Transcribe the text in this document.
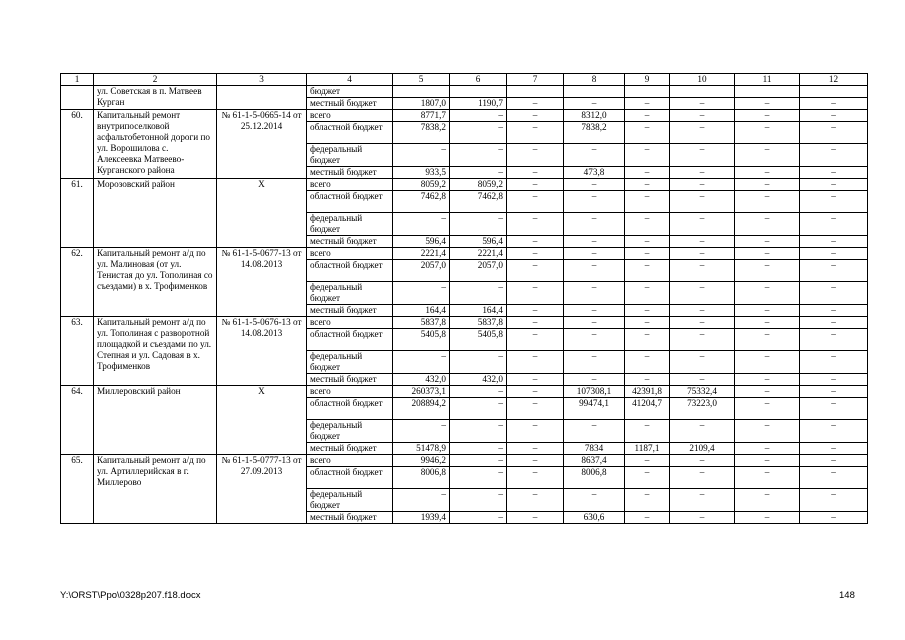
1	2	3	4	5	6	7	8	9	10	11	12
	ул. Советская в п. Матвеев Курган		бюджет								
			местный бюджет	1807,0	1190,7	–	–	–	–	–	–
60.	Капитальный ремонт внутрипоселковой асфальтобетонной дороги по ул. Ворошилова с. Алексеевка Матвеево-Курганского района	№ 61-1-5-0665-14 от 25.12.2014	всего	8771,7	–	–	8312,0	–	–	–	–
			областной бюджет	7838,2	–	–	7838,2	–	–	–	–
			федеральный бюджет	–	–	–	–	–	–	–	–
			местный бюджет	933,5	–	–	473,8	–	–	–	–
61.	Морозовский район	Х	всего	8059,2	8059,2	–	–	–	–	–	–
			областной бюджет	7462,8	7462,8	–	–	–	–	–	–
			федеральный бюджет	–	–	–	–	–	–	–	–
			местный бюджет	596,4	596,4	–	–	–	–	–	–
62.	Капитальный ремонт а/д по ул. Малиновая (от ул. Тенистая до ул. Тополиная со съездами) в х. Трофименков	№ 61-1-5-0677-13 от 14.08.2013	всего	2221,4	2221,4	–	–	–	–	–	–
			областной бюджет	2057,0	2057,0	–	–	–	–	–	–
			федеральный бюджет	–	–	–	–	–	–	–	–
			местный бюджет	164,4	164,4	–	–	–	–	–	–
63.	Капитальный ремонт а/д по ул. Тополиная с разворотной площадкой и съездами по ул. Степная и ул. Садовая в х. Трофименков	№ 61-1-5-0676-13 от 14.08.2013	всего	5837,8	5837,8	–	–	–	–	–	–
			областной бюджет	5405,8	5405,8	–	–	–	–	–	–
			федеральный бюджет	–	–	–	–	–	–	–	–
			местный бюджет	432,0	432,0	–	–	–	–	–	–
64.	Миллеровский район	Х	всего	260373,1	–	–	107308,1	42391,8	75332,4	–	–
			областной бюджет	208894,2	–	–	99474,1	41204,7	73223,0	–	–
			федеральный бюджет	–	–	–	–	–	–	–	–
			местный бюджет	51478,9	–	–	7834	1187,1	2109,4	–	–
65.	Капитальный ремонт а/д по ул. Артиллерийская в г. Миллерово	№ 61-1-5-0777-13 от 27.09.2013	всего	9946,2	–	–	8637,4	–	–	–	–
			областной бюджет	8006,8	–	–	8006,8	–	–	–	–
			федеральный бюджет	–	–	–	–	–	–	–	–
			местный бюджет	1939,4	–	–	630,6	–	–	–	–
Y:\ORST\Ppo\0328p207.f18.docx	148
